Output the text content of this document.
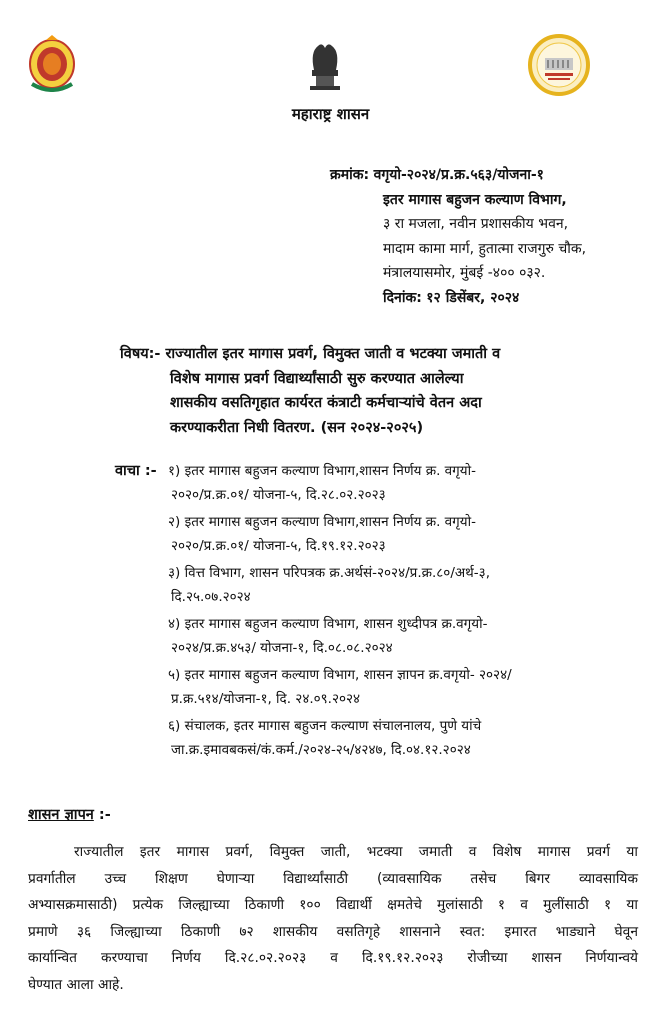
महाराष्ट्र शासन
क्रमांक: वगृयो-२०२४/प्र.क्र.५६३/योजना-१
इतर मागास बहुजन कल्याण विभाग,
३ रा मजला, नवीन प्रशासकीय भवन,
मादाम कामा मार्ग, हुतात्मा राजगुरु चौक,
मंत्रालयासमोर, मुंबई -४०० ०३२.
दिनांक: १२ डिसेंबर, २०२४
विषय:- राज्यातील इतर मागास प्रवर्ग, विमुक्त जाती व भटक्या जमाती व
विशेष मागास प्रवर्ग विद्यार्थ्यांसाठी सुरु करण्यात आलेल्या
शासकीय वसतिगृहात कार्यरत कंत्राटी कर्मचाऱ्यांचे वेतन अदा
करण्याकरीता निधी वितरण. (सन २०२४-२०२५)
वाचा :- १) इतर मागास बहुजन कल्याण विभाग,शासन निर्णय क्र. वगृयो-
२०२०/प्र.क्र.०१/ योजना-५, दि.२८.०२.२०२३
२) इतर मागास बहुजन कल्याण विभाग,शासन निर्णय क्र. वगृयो-
२०२०/प्र.क्र.०१/ योजना-५, दि.१९.१२.२०२३
३) वित्त विभाग, शासन परिपत्रक क्र.अर्थसं-२०२४/प्र.क्र.८०/अर्थ-३,
दि.२५.०७.२०२४
४) इतर मागास बहुजन कल्याण विभाग, शासन शुध्दीपत्र क्र.वगृयो-
२०२४/प्र.क्र.४५३/ योजना-१, दि.०८.०८.२०२४
५) इतर मागास बहुजन कल्याण विभाग, शासन ज्ञापन क्र.वगृयो- २०२४/
प्र.क्र.५१४/योजना-१, दि. २४.०९.२०२४
६) संचालक, इतर मागास बहुजन कल्याण संचालनालय, पुणे यांचे
जा.क्र.इमावबकसं/कं.कर्म./२०२४-२५/४२४७, दि.०४.१२.२०२४
शासन ज्ञापन :-
राज्यातील इतर मागास प्रवर्ग, विमुक्त जाती, भटक्या जमाती व विशेष मागास प्रवर्ग या
प्रवर्गातील उच्च शिक्षण घेणाऱ्या विद्यार्थ्यांसाठी (व्यावसायिक तसेच बिगर व्यावसायिक
अभ्यासक्रमासाठी) प्रत्येक जिल्ह्याच्या ठिकाणी १०० विद्यार्थी क्षमतेचे मुलांसाठी १ व मुलींसाठी १ या
प्रमाणे ३६ जिल्ह्याच्या ठिकाणी ७२ शासकीय वसतिगृहे शासनाने स्वत: इमारत भाड्याने घेवून
कार्यान्वित करण्याचा निर्णय दि.२८.०२.२०२३ व दि.१९.१२.२०२३ रोजीच्या शासन निर्णयान्वये
घेण्यात आला आहे.
